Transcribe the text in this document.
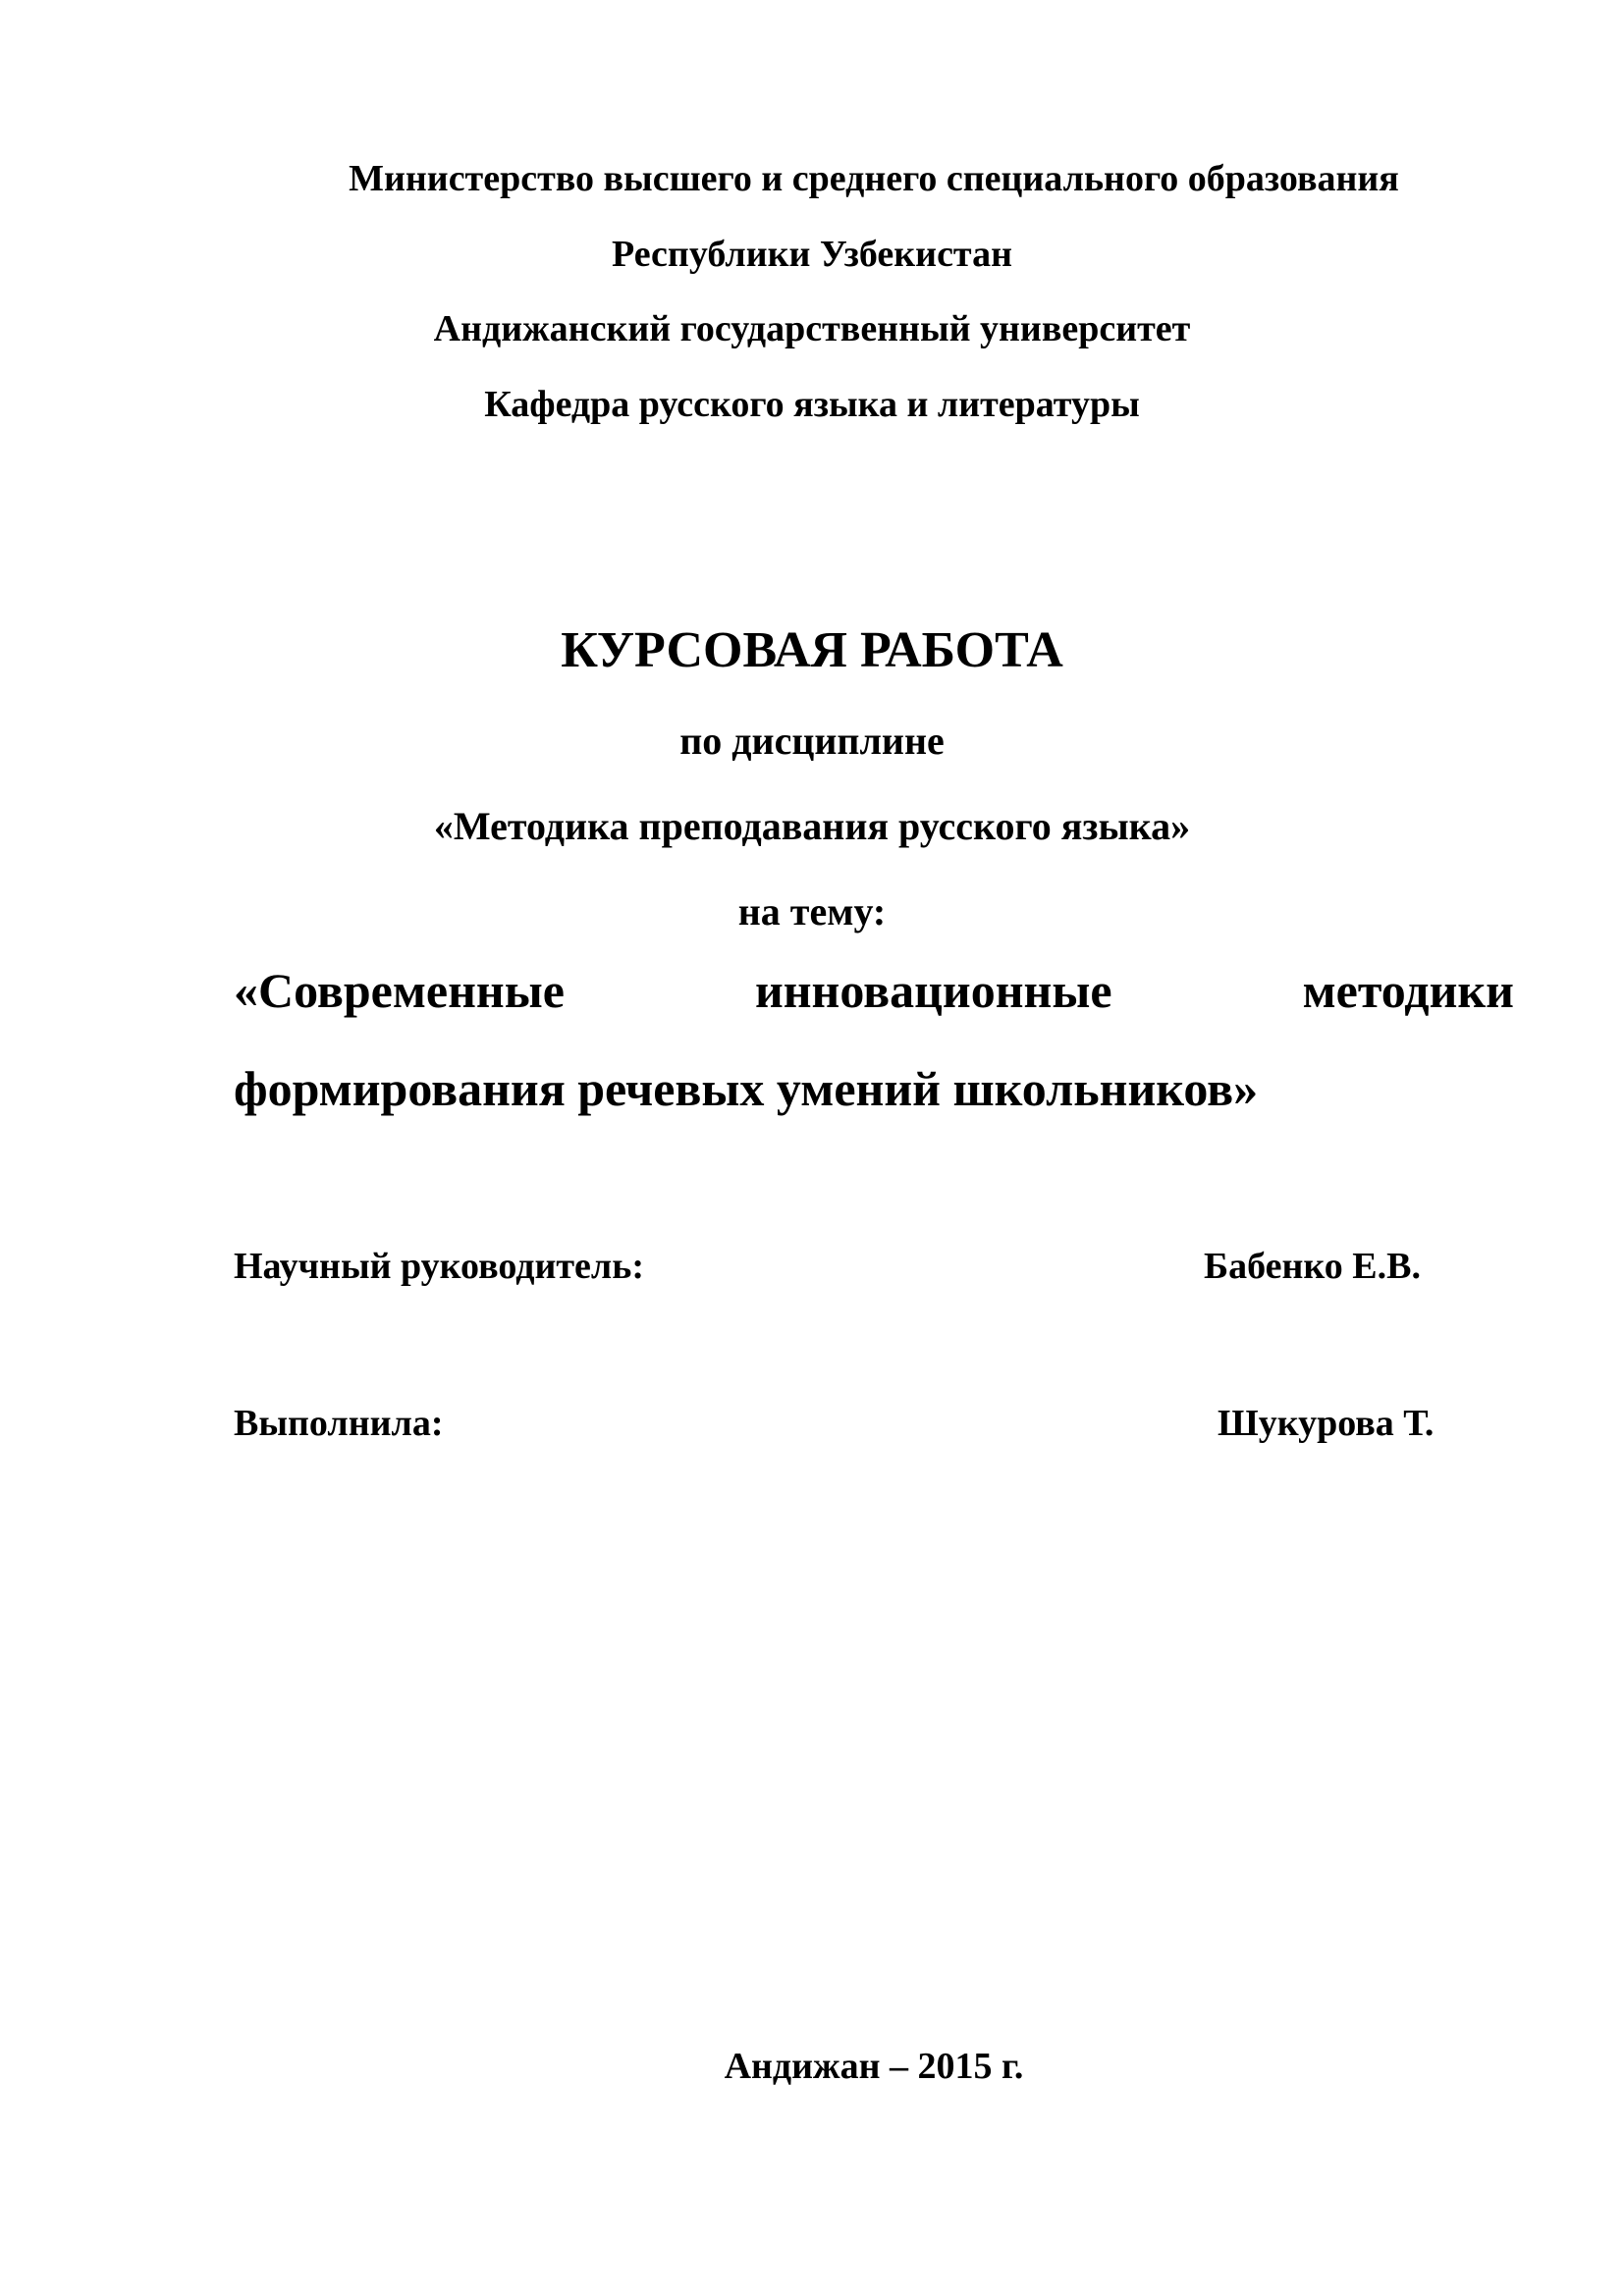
Министерство высшего и среднего специального образования
Республики Узбекистан
Андижанский государственный университет
Кафедра русского языка и литературы
КУРСОВАЯ РАБОТА
по дисциплине
«Методика преподавания русского языка»
на тему:
«Современные	инновационные	методики
формирования речевых умений школьников»
Научный руководитель:	Бабенко Е.В.
Выполнила:	Шукурова Т.
Андижан – 2015 г.
